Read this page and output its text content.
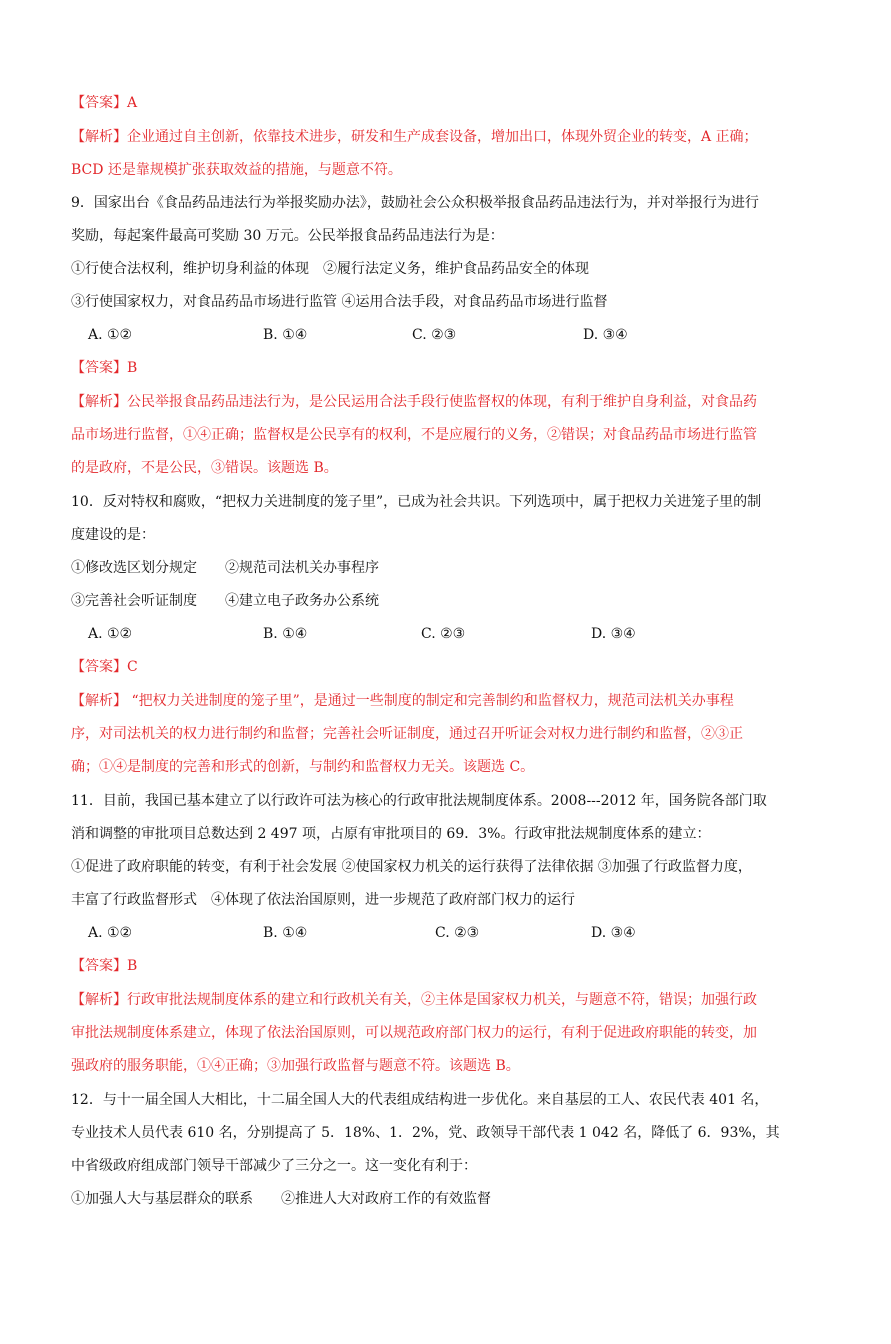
【答案】A
【解析】企业通过自主创新，依靠技术进步，研发和生产成套设备，增加出口，体现外贸企业的转变，A 正确；
BCD 还是靠规模扩张获取效益的措施，与题意不符。
9．国家出台《食品药品违法行为举报奖励办法》，鼓励社会公众积极举报食品药品违法行为，并对举报行为进行
奖励，每起案件最高可奖励 30 万元。公民举报食品药品违法行为是：
①行使合法权利，维护切身利益的体现　②履行法定义务，维护食品药品安全的体现
③行使国家权力，对食品药品市场进行监管 ④运用合法手段，对食品药品市场进行监督
A. ①②	B. ①④	C. ②③	D. ③④
【答案】B
【解析】公民举报食品药品违法行为，是公民运用合法手段行使监督权的体现，有利于维护自身利益，对食品药
品市场进行监督，①④正确；监督权是公民享有的权利，不是应履行的义务，②错误；对食品药品市场进行监管
的是政府，不是公民，③错误。该题选 B。
10．反对特权和腐败，“把权力关进制度的笼子里”，已成为社会共识。下列选项中，属于把权力关进笼子里的制
度建设的是：
①修改选区划分规定　　②规范司法机关办事程序
③完善社会听证制度　　④建立电子政务办公系统
A. ①②	B. ①④	C. ②③	D. ③④
【答案】C
【解析】 “把权力关进制度的笼子里”，是通过一些制度的制定和完善制约和监督权力，规范司法机关办事程
序，对司法机关的权力进行制约和监督；完善社会听证制度，通过召开听证会对权力进行制约和监督，②③正
确；①④是制度的完善和形式的创新，与制约和监督权力无关。该题选 C。
11．目前，我国已基本建立了以行政许可法为核心的行政审批法规制度体系。2008---2012 年，国务院各部门取
消和调整的审批项目总数达到 2 497 项，占原有审批项目的 69．3%。行政审批法规制度体系的建立：
①促进了政府职能的转变，有利于社会发展 ②使国家权力机关的运行获得了法律依据 ③加强了行政监督力度，
丰富了行政监督形式　④体现了依法治国原则，进一步规范了政府部门权力的运行
A. ①②	B. ①④	C. ②③	D. ③④
【答案】B
【解析】行政审批法规制度体系的建立和行政机关有关，②主体是国家权力机关，与题意不符，错误；加强行政
审批法规制度体系建立，体现了依法治国原则，可以规范政府部门权力的运行，有利于促进政府职能的转变，加
强政府的服务职能，①④正确；③加强行政监督与题意不符。该题选 B。
12．与十一届全国人大相比，十二届全国人大的代表组成结构进一步优化。来自基层的工人、农民代表 401 名，
专业技术人员代表 610 名，分别提高了 5．18%、1．2%，党、政领导干部代表 1 042 名，降低了 6．93%，其
中省级政府组成部门领导干部减少了三分之一。这一变化有利于：
①加强人大与基层群众的联系　　②推进人大对政府工作的有效监督
